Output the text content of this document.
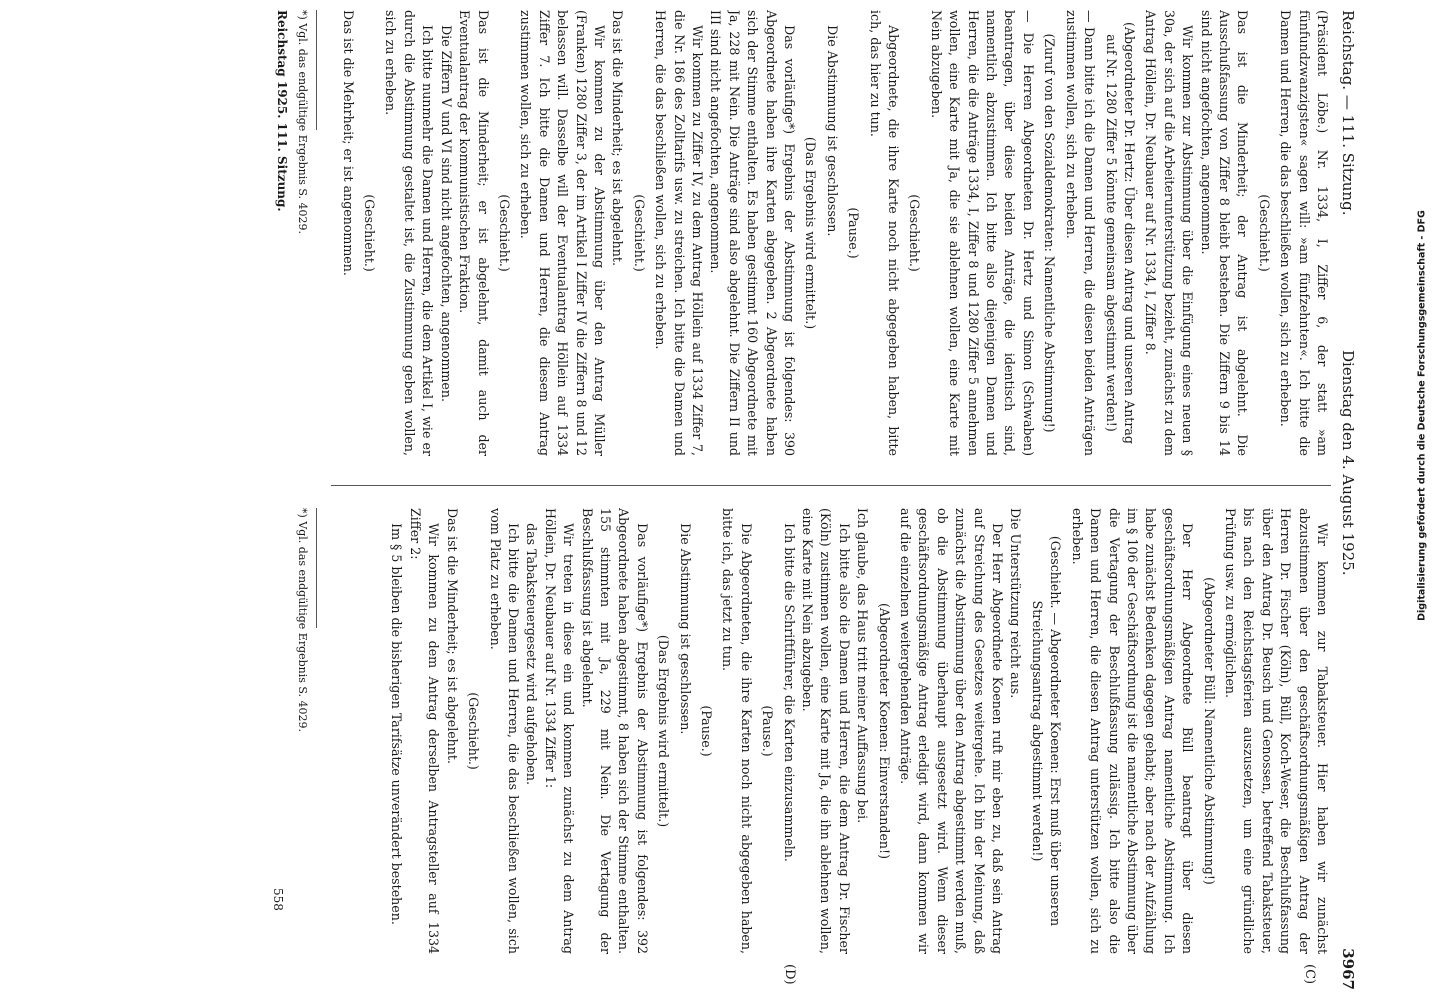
Reichstag. — 111. Sitzung.
Dienstag den 4. August 1925.
3967

(Präsident Löbe.) Nr. 1334, I, Ziffer 6, der statt »am fünfundzwanzigsten« sagen will: »am fünfzehnten«. Ich bitte die Damen und Herren, die das beschließen wollen, sich zu erheben.

(Geschieht.)

Das ist die Minderheit; der Antrag ist abgelehnt. Die Ausschußfassung von Ziffer 8 bleibt bestehen. Die Ziffern 9 bis 14 sind nicht angefochten, angenommen.

Wir kommen zur Abstimmung über die Einfügung eines neuen § 30a, der sich auf die Arbeiterunterstützung bezieht, zunächst zu dem Antrag Höllein, Dr. Neubauer auf Nr. 1334, I, Ziffer 8.

(Abgeordneter Dr. Hertz: Über diesen Antrag und unseren Antrag auf Nr. 1280 Ziffer 5 könnte gemeinsam abgestimmt werden!)

— Dann bitte ich die Damen und Herren, die diesen beiden Anträgen zustimmen wollen, sich zu erheben.

(Zuruf von den Sozialdemokraten: Namentliche Abstimmung!)

— Die Herren Abgeordneten Dr. Hertz und Simon (Schwaben) beantragen, über diese beiden Anträge, die identisch sind, namentlich abzustimmen. Ich bitte also diejenigen Damen und Herren, die die Anträge 1334, I, Ziffer 8 und 1280 Ziffer 5 annehmen wollen, eine Karte mit Ja, die sie ablehnen wollen, eine Karte mit Nein abzugeben.

(Geschieht.)

Abgeordnete, die ihre Karte noch nicht abgegeben haben, bitte ich, das hier zu tun.

(Pause.)

Die Abstimmung ist geschlossen.

(Das Ergebnis wird ermittelt.)

Das vorläufige*) Ergebnis der Abstimmung ist folgendes: 390 Abgeordnete haben ihre Karten abgegeben. 2 Abgeordnete haben sich der Stimme enthalten. Es haben gestimmt 160 Abgeordnete mit Ja, 228 mit Nein. Die Anträge sind also abgelehnt. Die Ziffern II und III sind nicht angefochten, angenommen.

Wir kommen zu Ziffer IV, zu dem Antrag Höllein auf 1334 Ziffer 7, die Nr. 186 des Zolltarifs usw. zu streichen. Ich bitte die Damen und Herren, die das beschließen wollen, sich zu erheben.

(Geschieht.)

Das ist die Minderheit; es ist abgelehnt.

Wir kommen zu der Abstimmung über den Antrag Müller (Franken) 1280 Ziffer 3, der im Artikel I Ziffer IV die Ziffern 8 und 12 belassen will. Dasselbe will der Eventualantrag Höllein auf 1334 Ziffer 7. Ich bitte die Damen und Herren, die diesem Antrag zustimmen wollen, sich zu erheben.

(Geschieht.)

Das ist die Minderheit; er ist abgelehnt, damit auch der Eventualantrag der kommunistischen Fraktion.

Die Ziffern V und VI sind nicht angefochten, angenommen.

Ich bitte nunmehr die Damen und Herren, die dem Artikel I, wie er durch die Abstimmung gestaltet ist, die Zustimmung geben wollen, sich zu erheben.

(Geschieht.)

Das ist die Mehrheit; er ist angenommen.

Wir kommen zur Tabaksteuer. Hier haben wir zunächst abzustimmen über den geschäftsordnungsmäßigen Antrag der Herren Dr. Fischer (Köln), Büll, Koch-Weser, die Beschlußfassung über den Antrag Dr. Beusch und Genossen, betreffend Tabaksteuer, bis nach den Reichstagsferien auszusetzen, um eine gründliche Prüfung usw. zu ermöglichen.

(Abgeordneter Büll: Namentliche Abstimmung!)

Der Herr Abgeordnete Büll beantragt über diesen geschäftsordnungsmäßigen Antrag namentliche Abstimmung. Ich habe zunächst Bedenken dagegen gehabt; aber nach der Aufzählung im § 106 der Geschäftsordnung ist die namentliche Abstimmung über die Vertagung der Beschlußfassung zulässig. Ich bitte also die Damen und Herren, die diesen Antrag unterstützen wollen, sich zu erheben.

(Geschieht. — Abgeordneter Koenen: Erst muß über unseren Streichungsantrag abgestimmt werden!)

Die Unterstützung reicht aus.

Der Herr Abgeordnete Koenen ruft mir eben zu, daß sein Antrag auf Streichung des Gesetzes weitergehe. Ich bin der Meinung, daß zunächst die Abstimmung über den Antrag abgestimmt werden muß, ob die Abstimmung überhaupt ausgesetzt wird. Wenn dieser geschäftsordnungsmäßige Antrag erledigt wird, dann kommen wir auf die einzelnen weitergehenden Anträge.

(Abgeordneter Koenen: Einverstanden!)

Ich glaube, das Haus tritt meiner Auffassung bei.

Ich bitte also die Damen und Herren, die dem Antrag Dr. Fischer (Köln) zustimmen wollen, eine Karte mit Ja, die ihn ablehnen wollen, eine Karte mit Nein abzugeben.

Ich bitte die Schriftführer, die Karten einzusammeln.

(Pause.)

Die Abgeordneten, die ihre Karten noch nicht abgegeben haben, bitte ich, das jetzt zu tun.

(Pause.)

Die Abstimmung ist geschlossen.

(Das Ergebnis wird ermittelt.)

Das vorläufige*) Ergebnis der Abstimmung ist folgendes: 392 Abgeordnete haben abgestimmt, 8 haben sich der Stimme enthalten. 155 stimmten mit Ja, 229 mit Nein. Die Vertagung der Beschlußfassung ist abgelehnt.

Wir treten in diese ein und kommen zunächst zu dem Antrag Höllein, Dr. Neubauer auf Nr. 1334 Ziffer 1:

das Tabaksteuergesetz wird aufgehoben.

Ich bitte die Damen und Herren, die das beschließen wollen, sich vom Platz zu erheben.

(Geschieht.)

Das ist die Minderheit; es ist abgelehnt.

Wir kommen zu dem Antrag derselben Antragsteller auf 1334 Ziffer 2:

Im § 5 bleiben die bisherigen Tarifsätze unverändert bestehen.

(C)
(D)
*) Vgl. das endgültige Ergebnis S. 4029.
Reichstag 1925. 111. Sitzung.
*) Vgl. das endgültige Ergebnis S. 4029.
558
Digitalisierung gefördert durch die Deutsche Forschungsgemeinschaft - DFG
